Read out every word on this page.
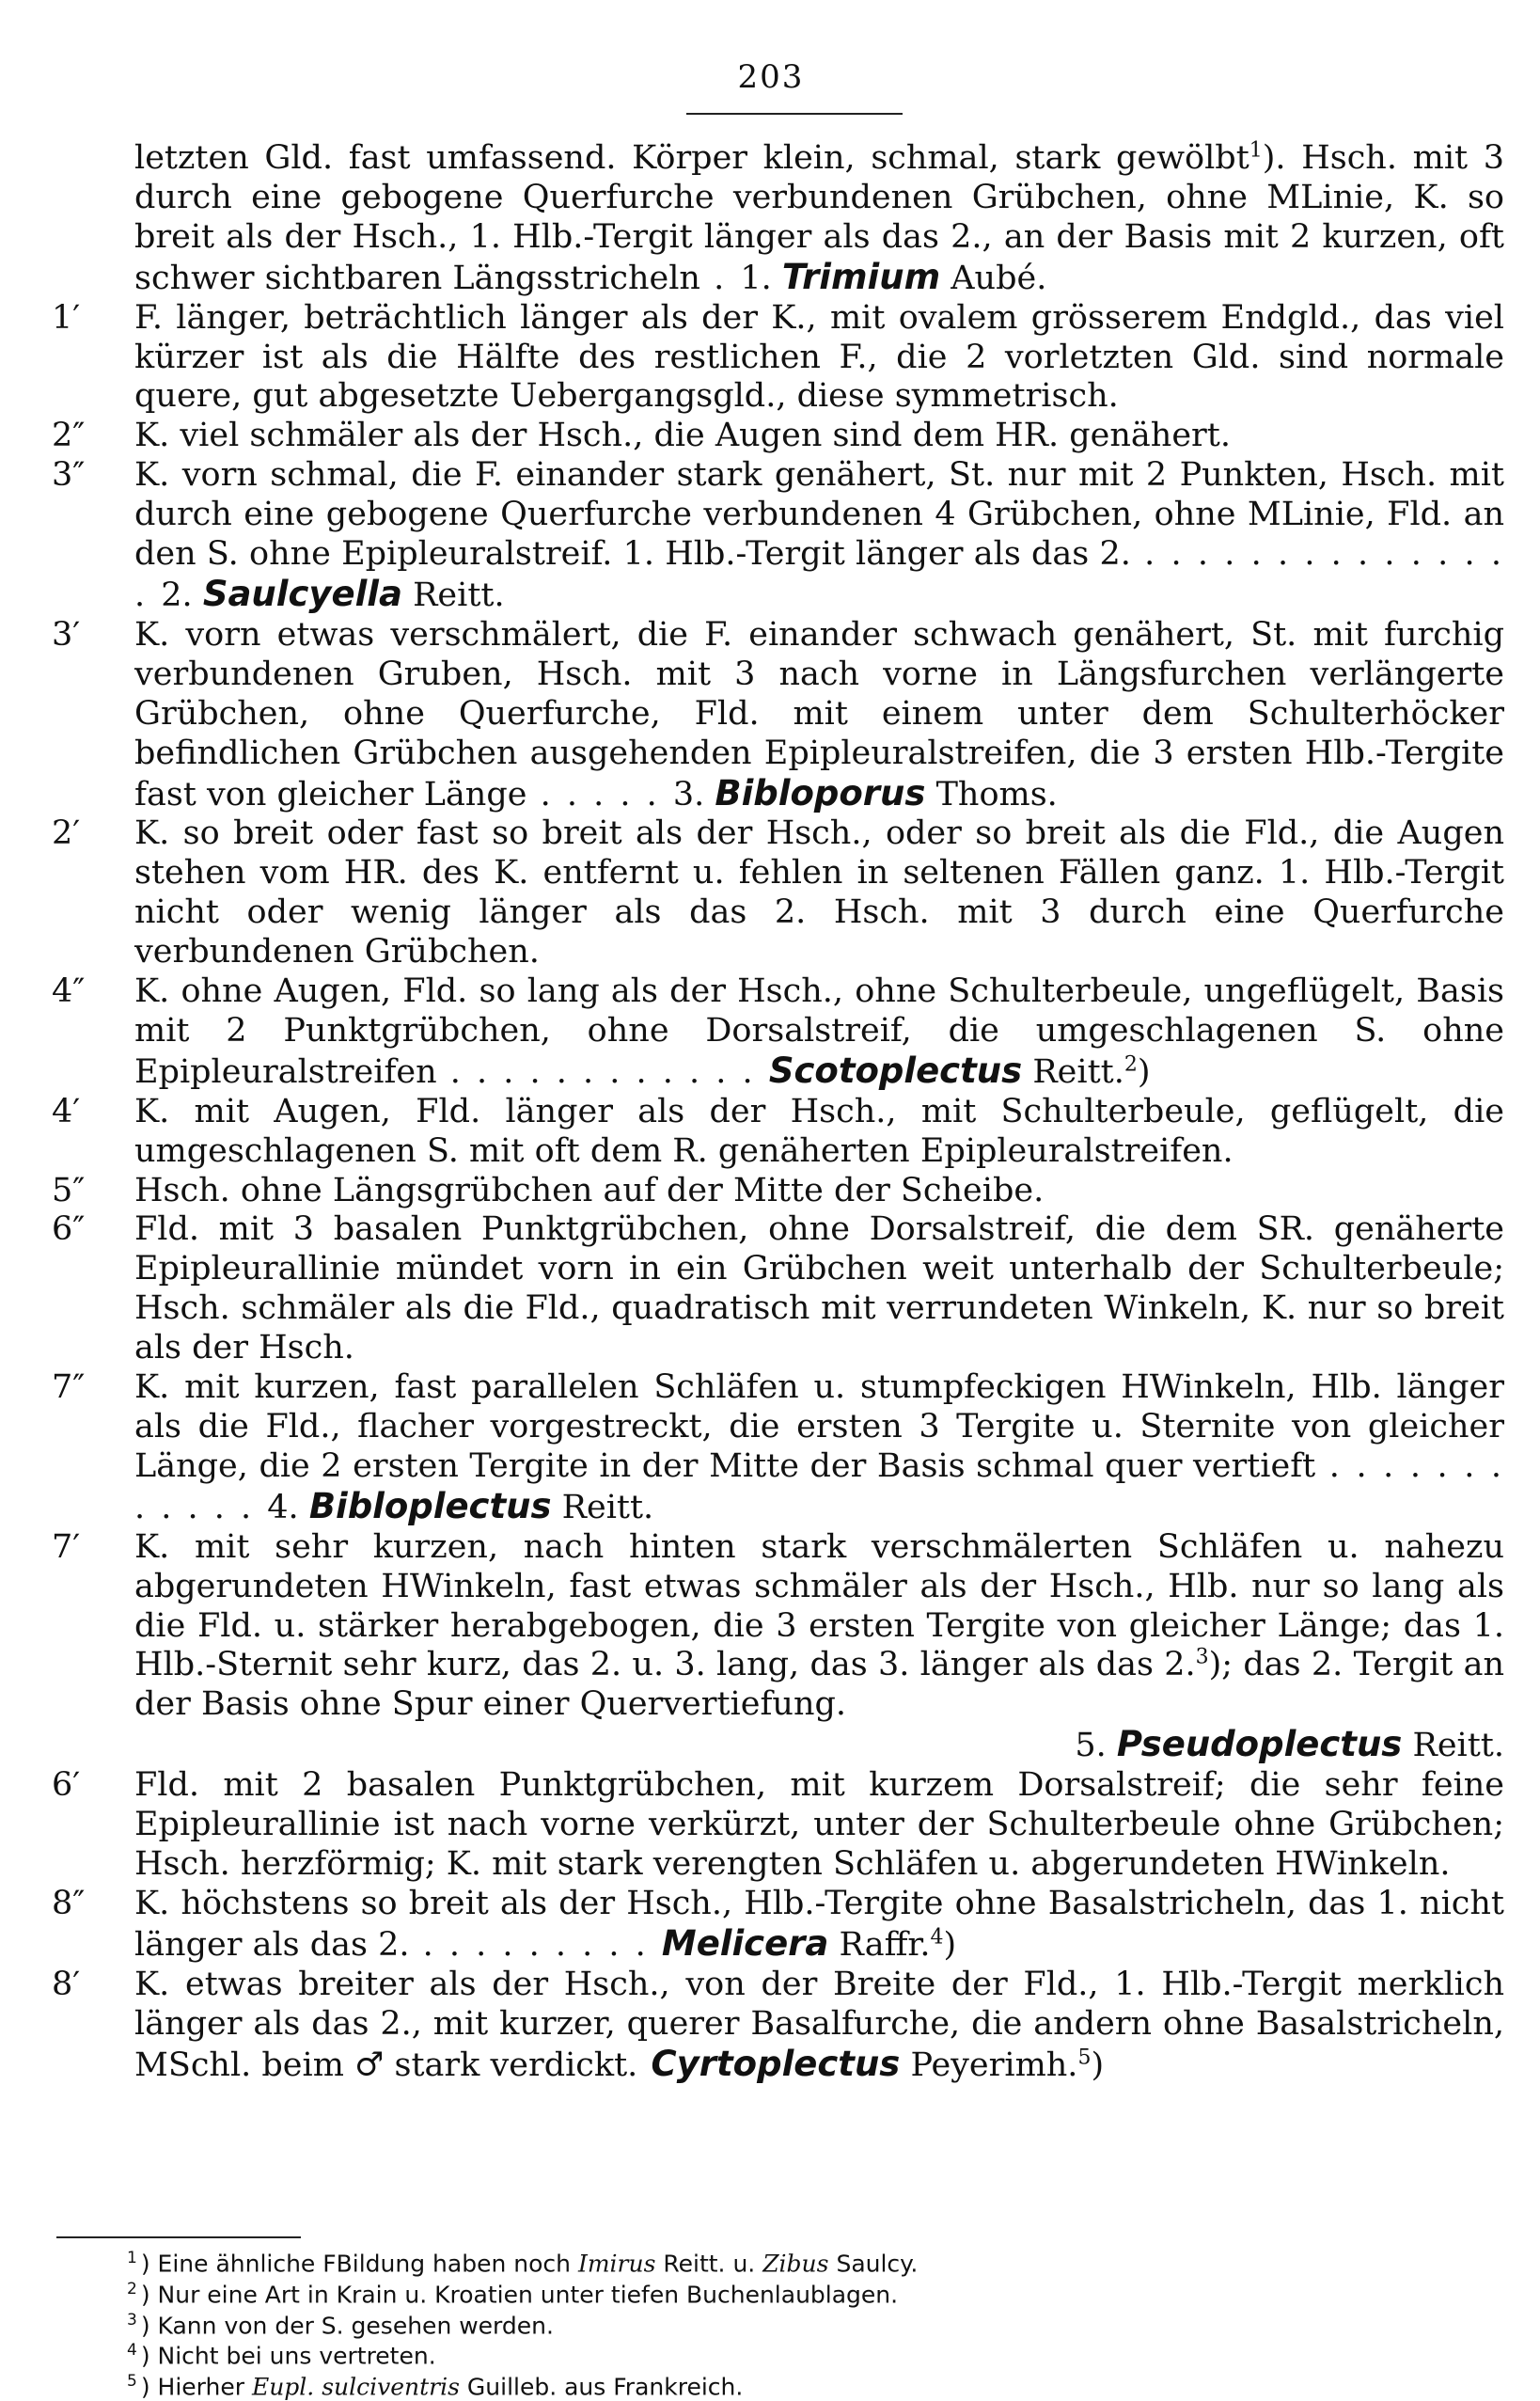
203
letzten Gld. fast umfassend. Körper klein, schmal, stark gewölbt$^1$). Hsch. mit 3 durch eine gebogene Querfurche verbundenen Grübchen, ohne MLinie, K. so breit als der Hsch., 1. Hlb.-Tergit länger als das 2., an der Basis mit 2 kurzen, oft schwer sichtbaren Längsstricheln . 1. Trimium Aubé.
1′	F. länger, beträchtlich länger als der K., mit ovalem grösserem Endgld., das viel kürzer ist als die Hälfte des restlichen F., die 2 vorletzten Gld. sind normale quere, gut abgesetzte Uebergangsgld., diese symmetrisch.
2″	K. viel schmäler als der Hsch., die Augen sind dem HR. genähert.
3″	K. vorn schmal, die F. einander stark genähert, St. nur mit 2 Punkten, Hsch. mit durch eine gebogene Querfurche verbundenen 4 Grübchen, ohne MLinie, Fld. an den S. ohne Epipleuralstreif. 1. Hlb.-Tergit länger als das 2. . . . . . . . . . . . . . . . 2. Saulcyella Reitt.
3′	K. vorn etwas verschmälert, die F. einander schwach genähert, St. mit furchig verbundenen Gruben, Hsch. mit 3 nach vorne in Längsfurchen verlängerte Grübchen, ohne Querfurche, Fld. mit einem unter dem Schulterhöcker befindlichen Grübchen ausgehenden Epipleuralstreifen, die 3 ersten Hlb.-Tergite fast von gleicher Länge . . . . . 3. Bibloporus Thoms.
2′	K. so breit oder fast so breit als der Hsch., oder so breit als die Fld., die Augen stehen vom HR. des K. entfernt u. fehlen in seltenen Fällen ganz. 1. Hlb.-Tergit nicht oder wenig länger als das 2. Hsch. mit 3 durch eine Querfurche verbundenen Grübchen.
4″	K. ohne Augen, Fld. so lang als der Hsch., ohne Schulterbeule, ungeflügelt, Basis mit 2 Punktgrübchen, ohne Dorsalstreif, die umgeschlagenen S. ohne Epipleuralstreifen . . . . . . . . . . . . Scotoplectus Reitt.$^2$)
4′	K. mit Augen, Fld. länger als der Hsch., mit Schulterbeule, geflügelt, die umgeschlagenen S. mit oft dem R. genäherten Epipleuralstreifen.
5″	Hsch. ohne Längsgrübchen auf der Mitte der Scheibe.
6″	Fld. mit 3 basalen Punktgrübchen, ohne Dorsalstreif, die dem SR. genäherte Epipleurallinie mündet vorn in ein Grübchen weit unterhalb der Schulterbeule; Hsch. schmäler als die Fld., quadratisch mit verrundeten Winkeln, K. nur so breit als der Hsch.
7″	K. mit kurzen, fast parallelen Schläfen u. stumpfeckigen HWinkeln, Hlb. länger als die Fld., flacher vorgestreckt, die ersten 3 Tergite u. Sternite von gleicher Länge, die 2 ersten Tergite in der Mitte der Basis schmal quer vertieft . . . . . . . . . . . . 4. Bibloplectus Reitt.
7′	K. mit sehr kurzen, nach hinten stark verschmälerten Schläfen u. nahezu abgerundeten HWinkeln, fast etwas schmäler als der Hsch., Hlb. nur so lang als die Fld. u. stärker herabgebogen, die 3 ersten Tergite von gleicher Länge; das 1. Hlb.-Sternit sehr kurz, das 2. u. 3. lang, das 3. länger als das 2.$^3$); das 2. Tergit an der Basis ohne Spur einer Quervertiefung.
5. Pseudoplectus Reitt.
6′	Fld. mit 2 basalen Punktgrübchen, mit kurzem Dorsalstreif; die sehr feine Epipleurallinie ist nach vorne verkürzt, unter der Schulterbeule ohne Grübchen; Hsch. herzförmig; K. mit stark verengten Schläfen u. abgerundeten HWinkeln.
8″	K. höchstens so breit als der Hsch., Hlb.-Tergite ohne Basalstricheln, das 1. nicht länger als das 2. . . . . . . . . . Melicera Raffr.$^4$)
8′	K. etwas breiter als der Hsch., von der Breite der Fld., 1. Hlb.-Tergit merklich länger als das 2., mit kurzer, querer Basalfurche, die andern ohne Basalstricheln, MSchl. beim ♂ stark verdickt. Cyrtoplectus Peyerimh.$^5$)
$^1$ ) Eine ähnliche FBildung haben noch Imirus Reitt. u. Zibus Saulcy.
$^2$ ) Nur eine Art in Krain u. Kroatien unter tiefen Buchenlaublagen.
$^3$ ) Kann von der S. gesehen werden.
$^4$ ) Nicht bei uns vertreten.
$^5$ ) Hierher Eupl. sulciventris Guilleb. aus Frankreich.
